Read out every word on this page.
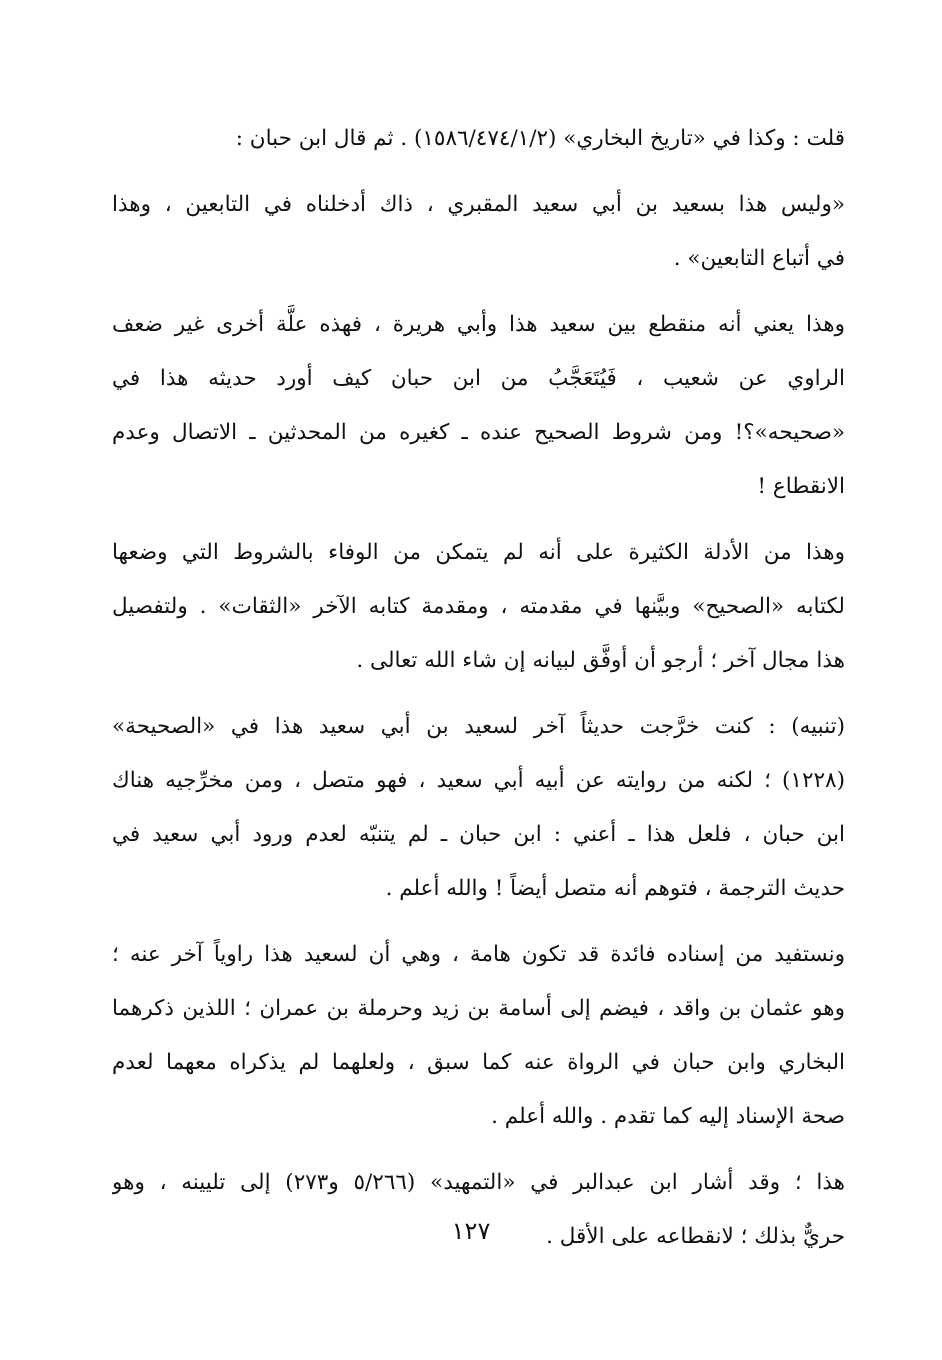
قلت : وكذا في «تاريخ البخاري» (١٥٨٦/٤٧٤/١/٢) . ثم قال ابن حبان :
«وليس هذا بسعيد بن أبي سعيد المقبري ، ذاك أدخلناه في التابعين ، وهذا
في أتباع التابعين» .
وهذا يعني أنه منقطع بين سعيد هذا وأبي هريرة ، فهذه علَّة أخرى غير ضعف
الراوي عن شعيب ، فَيُتَعَجَّبُ من ابن حبان كيف أورد حديثه هذا في
«صحيحه»؟! ومن شروط الصحيح عنده ـ كغيره من المحدثين ـ الاتصال وعدم
الانقطاع !
وهذا من الأدلة الكثيرة على أنه لم يتمكن من الوفاء بالشروط التي وضعها
لكتابه «الصحيح» وبيَّنها في مقدمته ، ومقدمة كتابه الآخر «الثقات» . ولتفصيل
هذا مجال آخر ؛ أرجو أن أوفَّق لبيانه إن شاء الله تعالى .
(تنبيه) : كنت خرَّجت حديثاً آخر لسعيد بن أبي سعيد هذا في «الصحيحة»
(١٢٢٨) ؛ لكنه من روايته عن أبيه أبي سعيد ، فهو متصل ، ومن مخرِّجيه هناك
ابن حبان ، فلعل هذا ـ أعني : ابن حبان ـ لم يتنبّه لعدم ورود أبي سعيد في
حديث الترجمة ، فتوهم أنه متصل أيضاً ! والله أعلم .
ونستفيد من إسناده فائدة قد تكون هامة ، وهي أن لسعيد هذا راوياً آخر عنه ؛
وهو عثمان بن واقد ، فيضم إلى أسامة بن زيد وحرملة بن عمران ؛ اللذين ذكرهما
البخاري وابن حبان في الرواة عنه كما سبق ، ولعلهما لم يذكراه معهما لعدم
صحة الإسناد إليه كما تقدم . والله أعلم .
هذا ؛ وقد أشار ابن عبدالبر في «التمهيد» (٥/٢٦٦ و٢٧٣) إلى تليينه ، وهو
حريٌّ بذلك ؛ لانقطاعه على الأقل .
١٢٧
